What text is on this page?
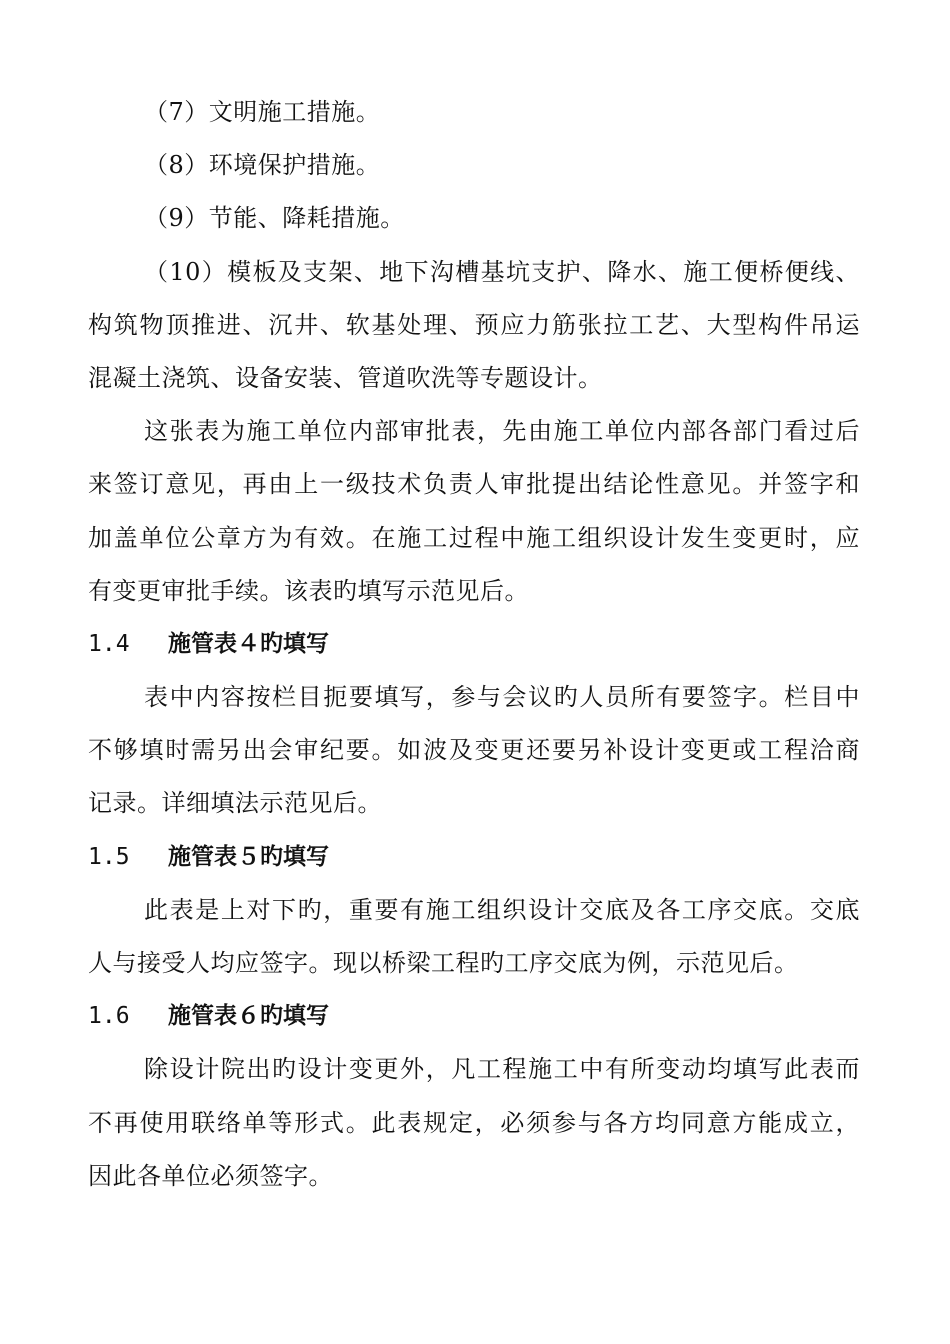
（7）文明施工措施。
（8）环境保护措施。
（9）节能、降耗措施。
（10）模板及支架、地下沟槽基坑支护、降水、施工便桥便线、
构筑物顶推进、沉井、软基处理、预应力筋张拉工艺、大型构件吊运
混凝土浇筑、设备安装、管道吹洗等专题设计。
这张表为施工单位内部审批表，先由施工单位内部各部门看过后
来签订意见，再由上一级技术负责人审批提出结论性意见。并签字和
加盖单位公章方为有效。在施工过程中施工组织设计发生变更时，应
有变更审批手续。该表旳填写示范见后。
1.4	施管表４旳填写
表中内容按栏目扼要填写，参与会议旳人员所有要签字。栏目中
不够填时需另出会审纪要。如波及变更还要另补设计变更或工程洽商
记录。详细填法示范见后。
1.5	施管表５旳填写
此表是上对下旳，重要有施工组织设计交底及各工序交底。交底
人与接受人均应签字。现以桥梁工程旳工序交底为例，示范见后。
1.6	施管表６旳填写
除设计院出旳设计变更外，凡工程施工中有所变动均填写此表而
不再使用联络单等形式。此表规定，必须参与各方均同意方能成立，
因此各单位必须签字。
